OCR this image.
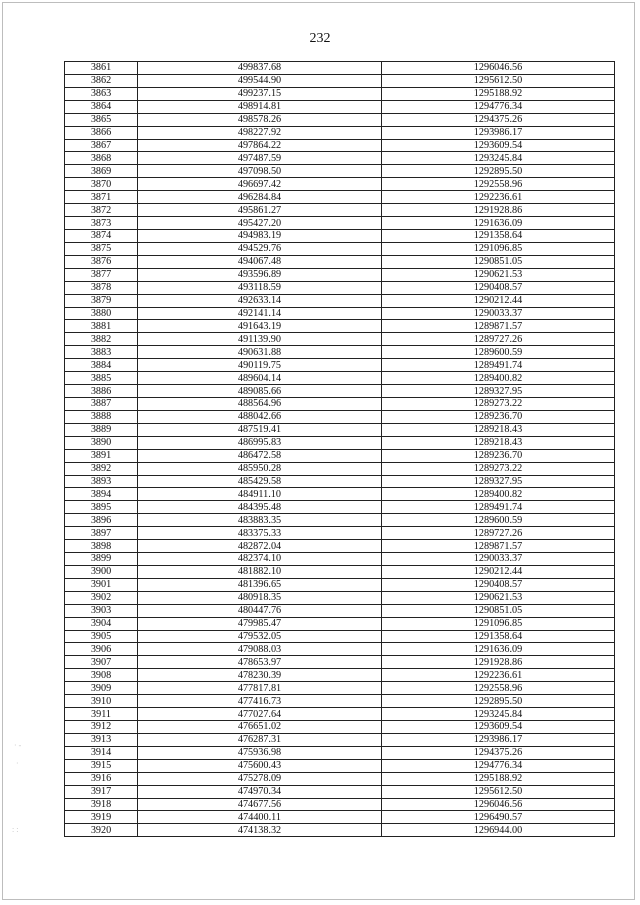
232
3861	499837.68	1296046.56
3862	499544.90	1295612.50
3863	499237.15	1295188.92
3864	498914.81	1294776.34
3865	498578.26	1294375.26
3866	498227.92	1293986.17
3867	497864.22	1293609.54
3868	497487.59	1293245.84
3869	497098.50	1292895.50
3870	496697.42	1292558.96
3871	496284.84	1292236.61
3872	495861.27	1291928.86
3873	495427.20	1291636.09
3874	494983.19	1291358.64
3875	494529.76	1291096.85
3876	494067.48	1290851.05
3877	493596.89	1290621.53
3878	493118.59	1290408.57
3879	492633.14	1290212.44
3880	492141.14	1290033.37
3881	491643.19	1289871.57
3882	491139.90	1289727.26
3883	490631.88	1289600.59
3884	490119.75	1289491.74
3885	489604.14	1289400.82
3886	489085.66	1289327.95
3887	488564.96	1289273.22
3888	488042.66	1289236.70
3889	487519.41	1289218.43
3890	486995.83	1289218.43
3891	486472.58	1289236.70
3892	485950.28	1289273.22
3893	485429.58	1289327.95
3894	484911.10	1289400.82
3895	484395.48	1289491.74
3896	483883.35	1289600.59
3897	483375.33	1289727.26
3898	482872.04	1289871.57
3899	482374.10	1290033.37
3900	481882.10	1290212.44
3901	481396.65	1290408.57
3902	480918.35	1290621.53
3903	480447.76	1290851.05
3904	479985.47	1291096.85
3905	479532.05	1291358.64
3906	479088.03	1291636.09
3907	478653.97	1291928.86
3908	478230.39	1292236.61
3909	477817.81	1292558.96
3910	477416.73	1292895.50
3911	477027.64	1293245.84
3912	476651.02	1293609.54
3913	476287.31	1293986.17
3914	475936.98	1294375.26
3915	475600.43	1294776.34
3916	475278.09	1295188.92
3917	474970.34	1295612.50
3918	474677.56	1296046.56
3919	474400.11	1296490.57
3920	474138.32	1296944.00
· ‐
·
: :
